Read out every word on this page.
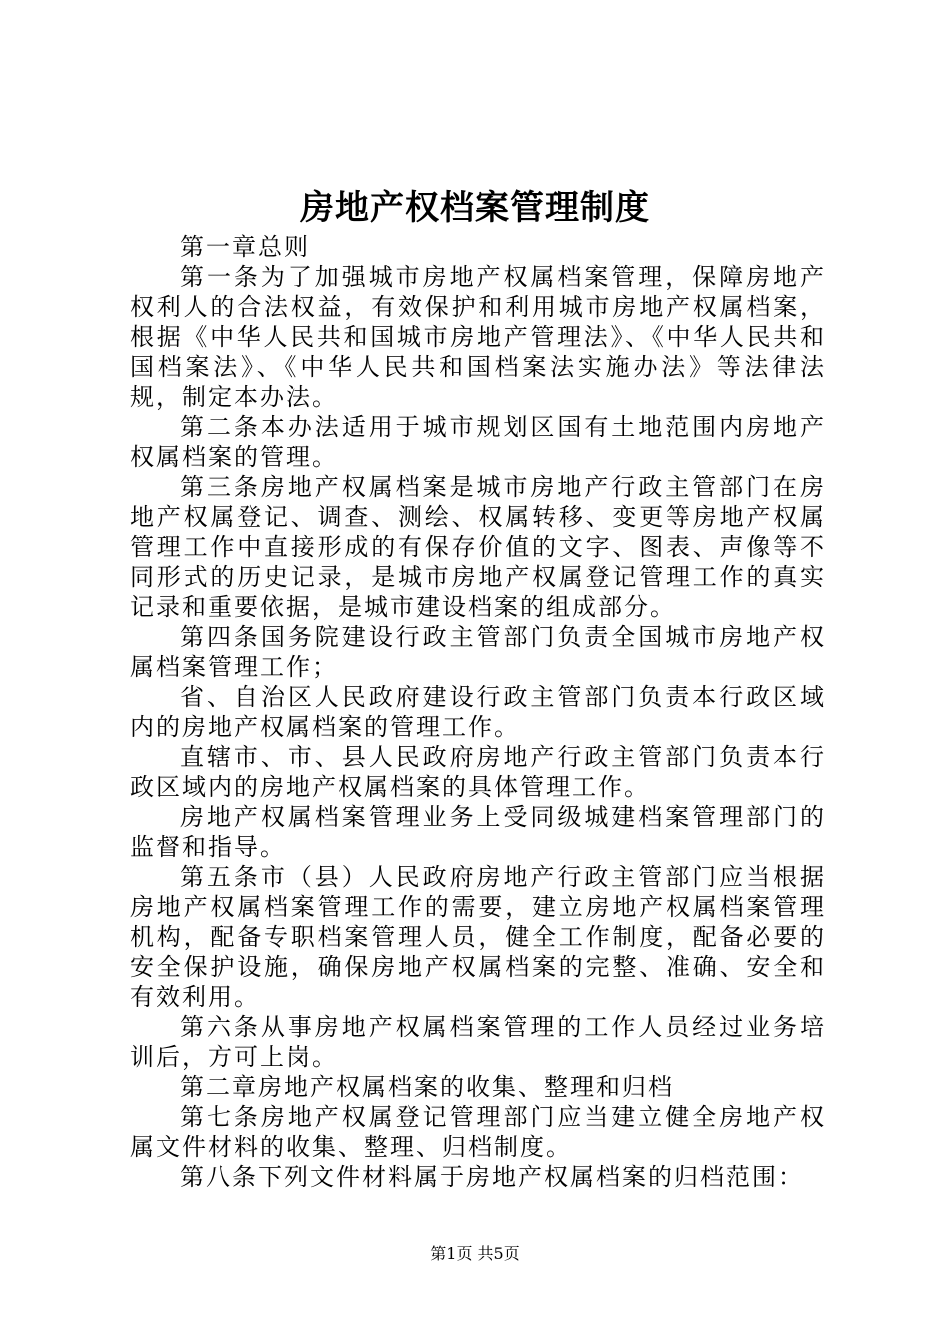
房地产权档案管理制度

第一章总则

第一条为了加强城市房地产权属档案管理，保障房地产权利人的合法权益，有效保护和利用城市房地产权属档案，根据《中华人民共和国城市房地产管理法》、《中华人民共和国档案法》、《中华人民共和国档案法实施办法》等法律法规，制定本办法。

第二条本办法适用于城市规划区国有土地范围内房地产权属档案的管理。

第三条房地产权属档案是城市房地产行政主管部门在房地产权属登记、调查、测绘、权属转移、变更等房地产权属管理工作中直接形成的有保存价值的文字、图表、声像等不同形式的历史记录，是城市房地产权属登记管理工作的真实记录和重要依据，是城市建设档案的组成部分。

第四条国务院建设行政主管部门负责全国城市房地产权属档案管理工作；

省、自治区人民政府建设行政主管部门负责本行政区域内的房地产权属档案的管理工作。

直辖市、市、县人民政府房地产行政主管部门负责本行政区域内的房地产权属档案的具体管理工作。

房地产权属档案管理业务上受同级城建档案管理部门的监督和指导。

第五条市（县）人民政府房地产行政主管部门应当根据房地产权属档案管理工作的需要，建立房地产权属档案管理机构，配备专职档案管理人员，健全工作制度，配备必要的安全保护设施，确保房地产权属档案的完整、准确、安全和有效利用。

第六条从事房地产权属档案管理的工作人员经过业务培训后，方可上岗。

第二章房地产权属档案的收集、整理和归档

第七条房地产权属登记管理部门应当建立健全房地产权属文件材料的收集、整理、归档制度。

第八条下列文件材料属于房地产权属档案的归档范围：

第1页 共5页
